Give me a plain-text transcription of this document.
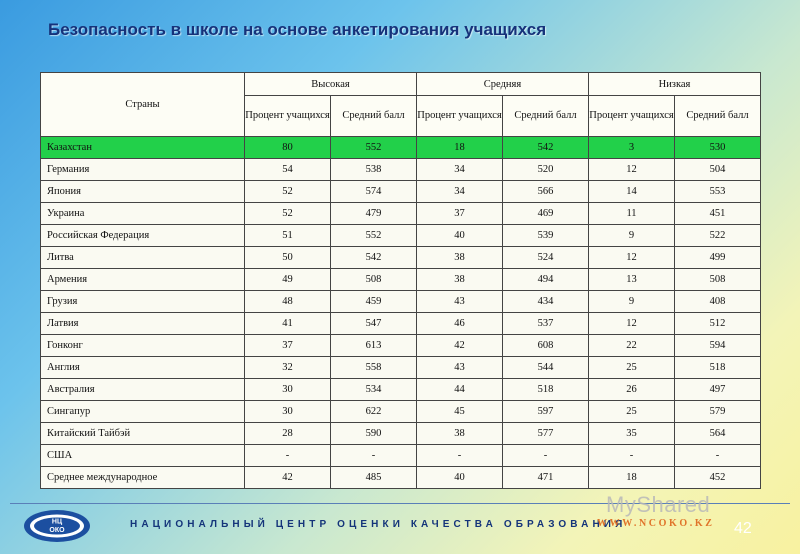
Безопасность в школе на основе анкетирования учащихся
Страны	Высокая		Средняя		Низкая	
	Процент учащихся	Средний балл	Процент учащихся	Средний балл	Процент учащихся	Средний балл
Казахстан	80	552	18	542	3	530
Германия	54	538	34	520	12	504
Япония	52	574	34	566	14	553
Украина	52	479	37	469	11	451
Российская Федерация	51	552	40	539	9	522
Литва	50	542	38	524	12	499
Армения	49	508	38	494	13	508
Грузия	48	459	43	434	9	408
Латвия	41	547	46	537	12	512
Гонконг	37	613	42	608	22	594
Англия	32	558	43	544	25	518
Австралия	30	534	44	518	26	497
Сингапур	30	622	45	597	25	579
Китайский Тайбэй	28	590	38	577	35	564
США	-	-	-	-	-	-
Среднее международное	42	485	40	471	18	452
НЦ
ОКО
НАЦИОНАЛЬНЫЙ ЦЕНТР ОЦЕНКИ КАЧЕСТВА ОБРАЗОВАНИЯ
WWW.NCOKO.KZ
MyShared
42
